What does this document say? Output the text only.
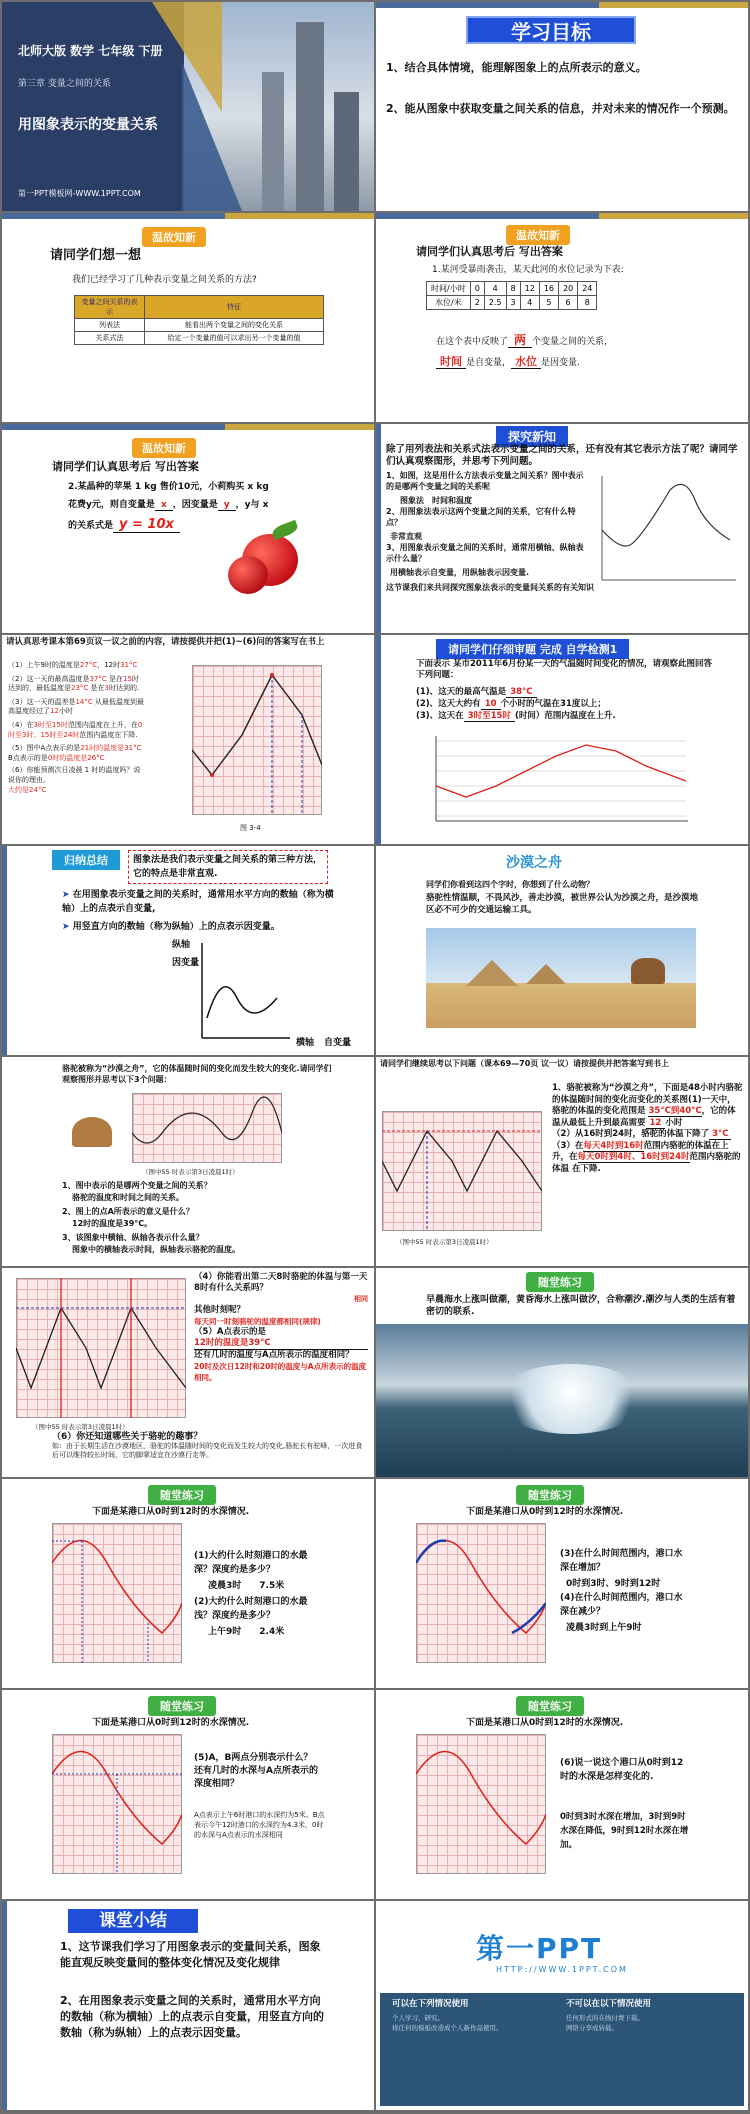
北师大版 数学 七年级 下册
第三章 变量之间的关系
用图象表示的变量关系
第一PPT模板网-WWW.1PPT.COM
学习目标
1、结合具体情境，能理解图象上的点所表示的意义。
2、能从图象中获取变量之间关系的信息，并对未来的情况作一个预测。
温故知新
请同学们想一想
我们已经学习了几种表示变量之间关系的方法?
变量之间关系的表示	特征
列表法	能看出两个变量之间的变化关系
关系式法	给定一个变量的值可以求出另一个变量的值
温故知新
请同学们认真思考后 写出答案
1.某河受暴雨袭击，某天此河的水位记录为下表:
时间/小时	0	4	8	12	16	20	24
水位/米	2	2.5	3	4	5	6	8
在这个表中反映了 两 个变量之间的关系，
时间 是自变量， 水位 是因变量.
温故知新
请同学们认真思考后 写出答案
2.某晶种的苹果 1 kg 售价10元，小莉购买 x kg
花费y元，则自变量是 x ，因变量是 y ，y与 x
的关系式是 y = 10x
探究新知
除了用列表法和关系式法表示变量之间的关系，还有没有其它表示方法了呢？请同学们认真观察图形，并思考下列问题。
1、如图，这是用什么方法表示变量之间关系？图中表示的是哪两个变量之间的关系呢
图象法　时间和温度
2、用图象法表示这两个变量之间的关系，它有什么特点？
非常直观
3、用图象表示变量之间的关系时，通常用横轴、纵轴表示什么量？
用横轴表示自变量，用纵轴表示因变量.
这节课我们来共同探究图象法表示的变量间关系的有关知识
请认真思考课本第69页议一议之前的内容，请按提供并把(1)~(6)问的答案写在书上
（1）上午9时的温度是27°C，12时31°C
（2）这一天的最高温度是37°C 是在15时达到的，最低温度是23°C 是在3时达到的.
（3）这一天的温差是14°C 从最低温度到最高温度经过了12小时
（4）在3时至15时范围内温度在上升，在0时至3时、15时至24时范围内温度在下降.
（5）图中A点表示的是21时的温度是31°C
B点表示的是0时的温度是26°C
（6）你能预测次日凌晨 1 时的温度吗？说说你的理由。
大约是24°C
图 3-4
请同学们仔细审题 完成 自学检测1
下面表示 某市2011年6月份某一天的气温随时间变化的情况，请观察此图回答下列问题：
(1)、这天的最高气温是 38°C
(2)、这天大约有 10 个小时的气温在31度以上；
(3)、这天在 3时至15时 (时间）范围内温度在上升.
归纳总结	图象法是我们表示变量之间关系的第三种方法，它的特点是非常直观.
➤ 在用图象表示变量之间的关系时，通常用水平方向的数轴（称为横轴）上的点表示自变量,
➤ 用竖直方向的数轴（称为纵轴）上的点表示因变量。
纵轴
因变量
横轴 自变量
沙漠之舟
同学们你看到这四个字时，你想到了什么动物？
骆驼性情温顺，不畏风沙，善走沙漠，被世界公认为沙漠之舟，是沙漠地区必不可少的交通运输工具。
骆驼被称为“沙漠之舟”，它的体温随时间的变化而发生较大的变化.请同学们观察图形并思考以下3个问题：
（图中55 时表示第3日凌晨1时）
1、图中表示的是哪两个变量之间的关系？
骆驼的温度和时间之间的关系。
2、图上的点A所表示的意义是什么？
12时的温度是39°C。
3、该图象中横轴、纵轴各表示什么量？
图象中的横轴表示时间，纵轴表示骆驼的温度。
请同学们继续思考以下问题（课本69—70页 议一议）请按提供并把答案写到书上
（图中55 时表示第3日凌晨1时）
1、骆驼被称为“沙漠之舟”，下面是48小时内骆驼的体温随时间的变化而变化的关系图(1)一天中，骆驼的体温的变化范围是 35°C到40°C，它的体温从最低上升到最高需要 12 小时
（2）从16时到24时，骆驼的体温下降了 3°C
（3）在每天4时到16时范围内骆驼的体温在上升，在每天0时到4时、16时到24时范围内骆驼的体温 在下降.
（图中55 时表示第3日凌晨1时）
（4）你能看出第二天8时骆驼的体温与第一天8时有什么关系吗？
相同
其他时刻呢？
每天同一时刻骆驼的温度都相同(规律)
（5）A点表示的是
12时的温度是39°C
还有几时的温度与A点所表示的温度相同？
20时及次日12时和20时的温度与A点所表示的温度相同。
（6）你还知道哪些关于骆驼的趣事？
如：由于长期生活在沙漠地区，骆驼的体温随时间的变化而发生较大的变化,骆驼长有驼峰，一次进食后可以维持较长时间，它的脚掌适宜在沙漠行走等。
随堂练习
早晨海水上涨叫做潮，黄昏海水上涨叫做汐，合称潮汐.潮汐与人类的生活有着密切的联系.
随堂练习
下面是某港口从0时到12时的水深情况.
(1)大约什么时刻港口的水最深？深度约是多少？
凌晨3时　　7.5米
(2)大约什么时刻港口的水最浅？深度约是多少？
上午9时　　2.4米
随堂练习
下面是某港口从0时到12时的水深情况.
(3)在什么时间范围内，港口水深在增加？
0时到3时、9时到12时
(4)在什么时间范围内，港口水深在减少？
凌晨3时到上午9时
随堂练习
下面是某港口从0时到12时的水深情况.
(5)A，B两点分别表示什么？还有几时的水深与A点所表示的深度相同？
A点表示上午6时港口的水深约为5米。B点表示今午12时港口的水深约为4.3米，0时的水深与A点表示的水深相同
随堂练习
下面是某港口从0时到12时的水深情况.
(6)说一说这个港口从0时到12时的水深是怎样变化的.
0时到3时水深在增加，3时到9时水深在降低，9时到12时水深在增加。
课堂小结
1、这节课我们学习了用图象表示的变量间关系，图象能直观反映变量间的整体变化情况及变化规律
2、在用图象表示变量之间的关系时，通常用水平方向的数轴（称为横轴）上的点表示自变量，用竖直方向的数轴（称为纵轴）上的点表示因变量。
第一PPT
HTTP://WWW.1PPT.COM
可以在下列情况使用	不可以在以下情况使用
个人学习、研究。
将任何的模板改造成个人新作品使用。
任何形式的在线付费下载。
网络分享或转载。
